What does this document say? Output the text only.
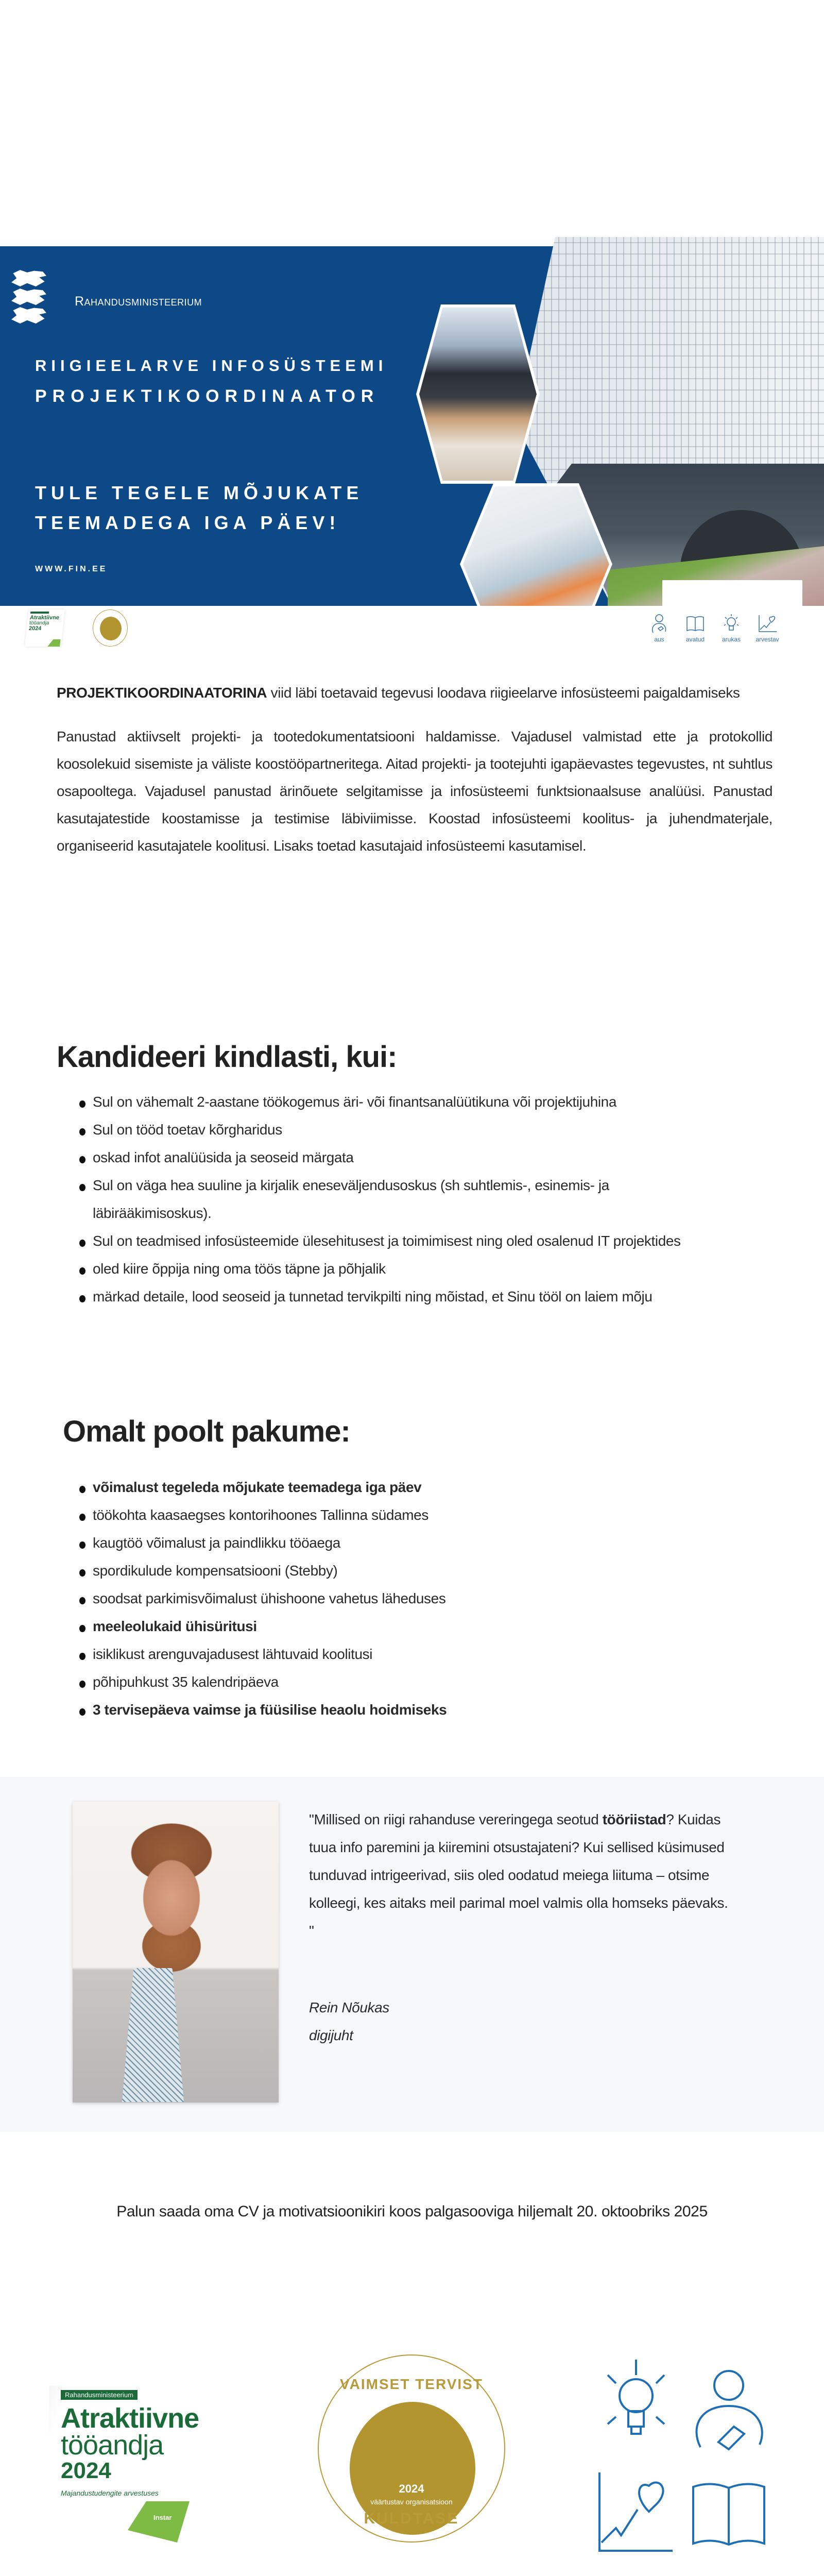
Rahandusministeerium
RIIGIEELARVE INFOSÜSTEEMI
PROJEKTIKOORDINAATOR
TULE TEGELE MÕJUKATE
TEEMADEGA IGA PÄEV!
WWW.FIN.EE
Atraktiivne
tööandja
2024
aus	avatud	arukas	arvestav

PROJEKTIKOORDINAATORINA viid läbi toetavaid tegevusi loodava riigieelarve infosüsteemi paigaldamiseks

Panustad aktiivselt projekti- ja tootedokumentatsiooni haldamisse. Vajadusel valmistad ette ja protokollid koosolekuid sisemiste ja väliste koostööpartneritega. Aitad projekti- ja tootejuhti igapäevastes tegevustes, nt suhtlus osapooltega. Vajadusel panustad ärinõuete selgitamisse ja infosüsteemi funktsionaalsuse analüüsi. Panustad kasutajatestide koostamisse ja testimise läbiviimisse. Koostad infosüsteemi koolitus- ja juhendmaterjale, organiseerid kasutajatele koolitusi. Lisaks toetad kasutajaid infosüsteemi kasutamisel.

Kandideeri kindlasti, kui:
Sul on vähemalt 2-aastane töökogemus äri- või finantsanalüütikuna või projektijuhina
Sul on tööd toetav kõrgharidus
oskad infot analüüsida ja seoseid märgata
Sul on väga hea suuline ja kirjalik eneseväljendusoskus (sh suhtlemis-, esinemis- ja läbirääkimisoskus).
Sul on teadmised infosüsteemide ülesehitusest ja toimimisest ning oled osalenud IT projektides
oled kiire õppija ning oma töös täpne ja põhjalik
märkad detaile, lood seoseid ja tunnetad tervikpilti ning mõistad, et Sinu tööl on laiem mõju
Omalt poolt pakume:
võimalust tegeleda mõjukate teemadega iga päev
töökohta kaasaegses kontorihoones Tallinna südames
kaugtöö võimalust ja paindlikku tööaega
spordikulude kompensatsiooni (Stebby)
soodsat parkimisvõimalust ühishoone vahetus läheduses
meeleolukaid ühisüritusi
isiklikust arenguvajadusest lähtuvaid koolitusi
põhipuhkust 35 kalendripäeva
3 tervisepäeva vaimse ja füüsilise heaolu hoidmiseks
"Millised on riigi rahanduse vereringega seotud tööriistad? Kuidas tuua info paremini ja kiiremini otsustajateni? Kui sellised küsimused tunduvad intrigeerivad, siis oled oodatud meiega liituma – otsime kolleegi, kes aitaks meil parimal moel valmis olla homseks päevaks. "
Rein Nõukas
digijuht
Palun saada oma CV ja motivatsioonikiri koos palgasooviga hiljemalt 20. oktoobriks 2025
Rahandusministeerium
Atraktiivne
tööandja
2024
Majandustudengite arvestuses
Instar
VAIMSET TERVIST
2024
väärtustav organisatsioon
KULDTASE
